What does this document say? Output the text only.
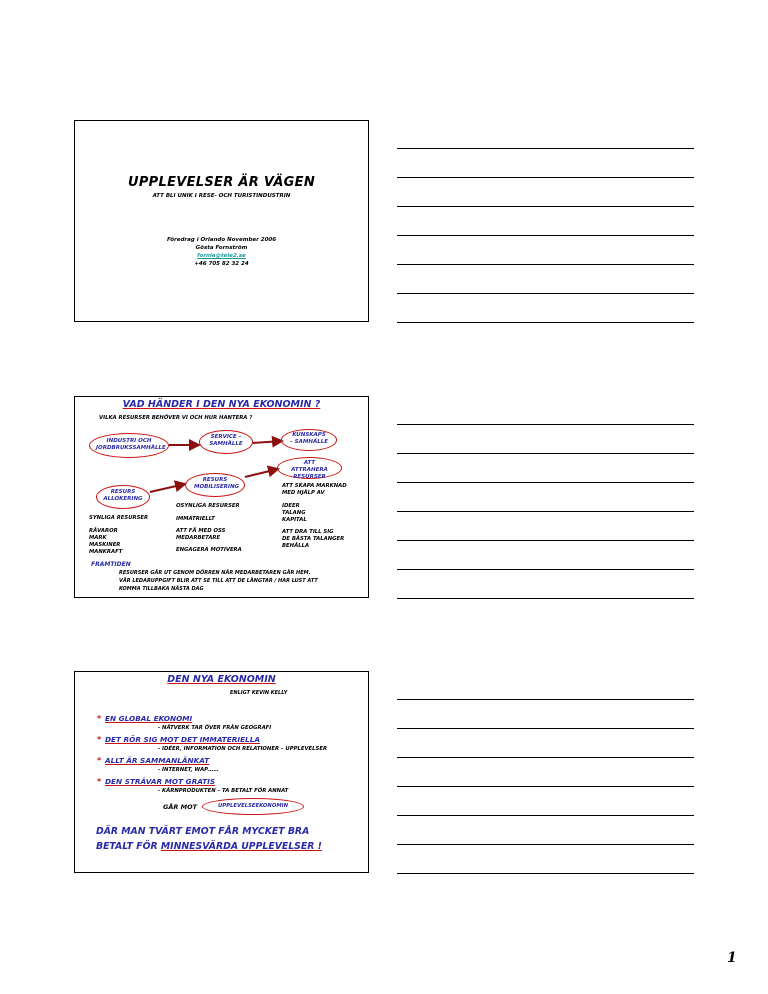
UPPLEVELSER ÄR VÄGEN
ATT BLI UNIK I RESE- OCH TURISTINDUSTRIN
Föredrag i Orlando November 2006
Gösta Fornström
fornie@tele2.se
+46 705 82 32 24
VAD HÄNDER I DEN NYA EKONOMIN ?
VILKA RESURSER BEHÖVER VI OCH HUR HANTERA ?
INDUSTRI OCH JORDBRUKSSAMHÄLLE
SERVICE – SAMHÄLLE
KUNSKAPS – SAMHÄLLE
ATT ATTRAHERA RESURSER
RESURS MOBILISERING
RESURS ALLOKERING
SYNLIGA RESURSER
RÅVAROR
MARK
MASKINER
MANKRAFT
OSYNLIGA RESURSER
IMMATRIELLT
ATT FÅ MED OSS
MEDARBETARE
ENGAGERA MOTIVERA
ATT SKAPA MARKNAD
MED HJÄLP AV
IDEER
TALANG
KAPITAL
ATT DRA TILL SIG
DE BÄSTA TALANGER
BEHÅLLA
FRAMTIDEN
RESURSER GÅR UT GENOM DÖRREN NÄR MEDARBETAREN GÅR HEM.
VÅR LEDARUPPGIFT BLIR ATT SE TILL ATT DE LÄNGTAR / HAR LUST ATT
KOMMA TILLBAKA NÄSTA DAG
DEN NYA EKONOMIN
ENLIGT KEVIN KELLY
* EN GLOBAL EKONOMI
- NÄTVERK TAR ÖVER FRÅN GEOGRAFI
* DET RÖR SIG MOT DET IMMATERIELLA
- IDÉER, INFORMATION OCH RELATIONER – UPPLEVELSER
* ALLT ÄR SAMMANLÄNKAT
- INTERNET, WAP……
* DEN STRÄVAR MOT GRATIS
- KÄRNPRODUKTEN – TA BETALT FÖR ANNAT
GÅR MOT	UPPLEVELSEEKONOMIN
DÄR MAN TVÄRT EMOT FÅR MYCKET BRA
BETALT FÖR MINNESVÄRDA UPPLEVELSER !
1
